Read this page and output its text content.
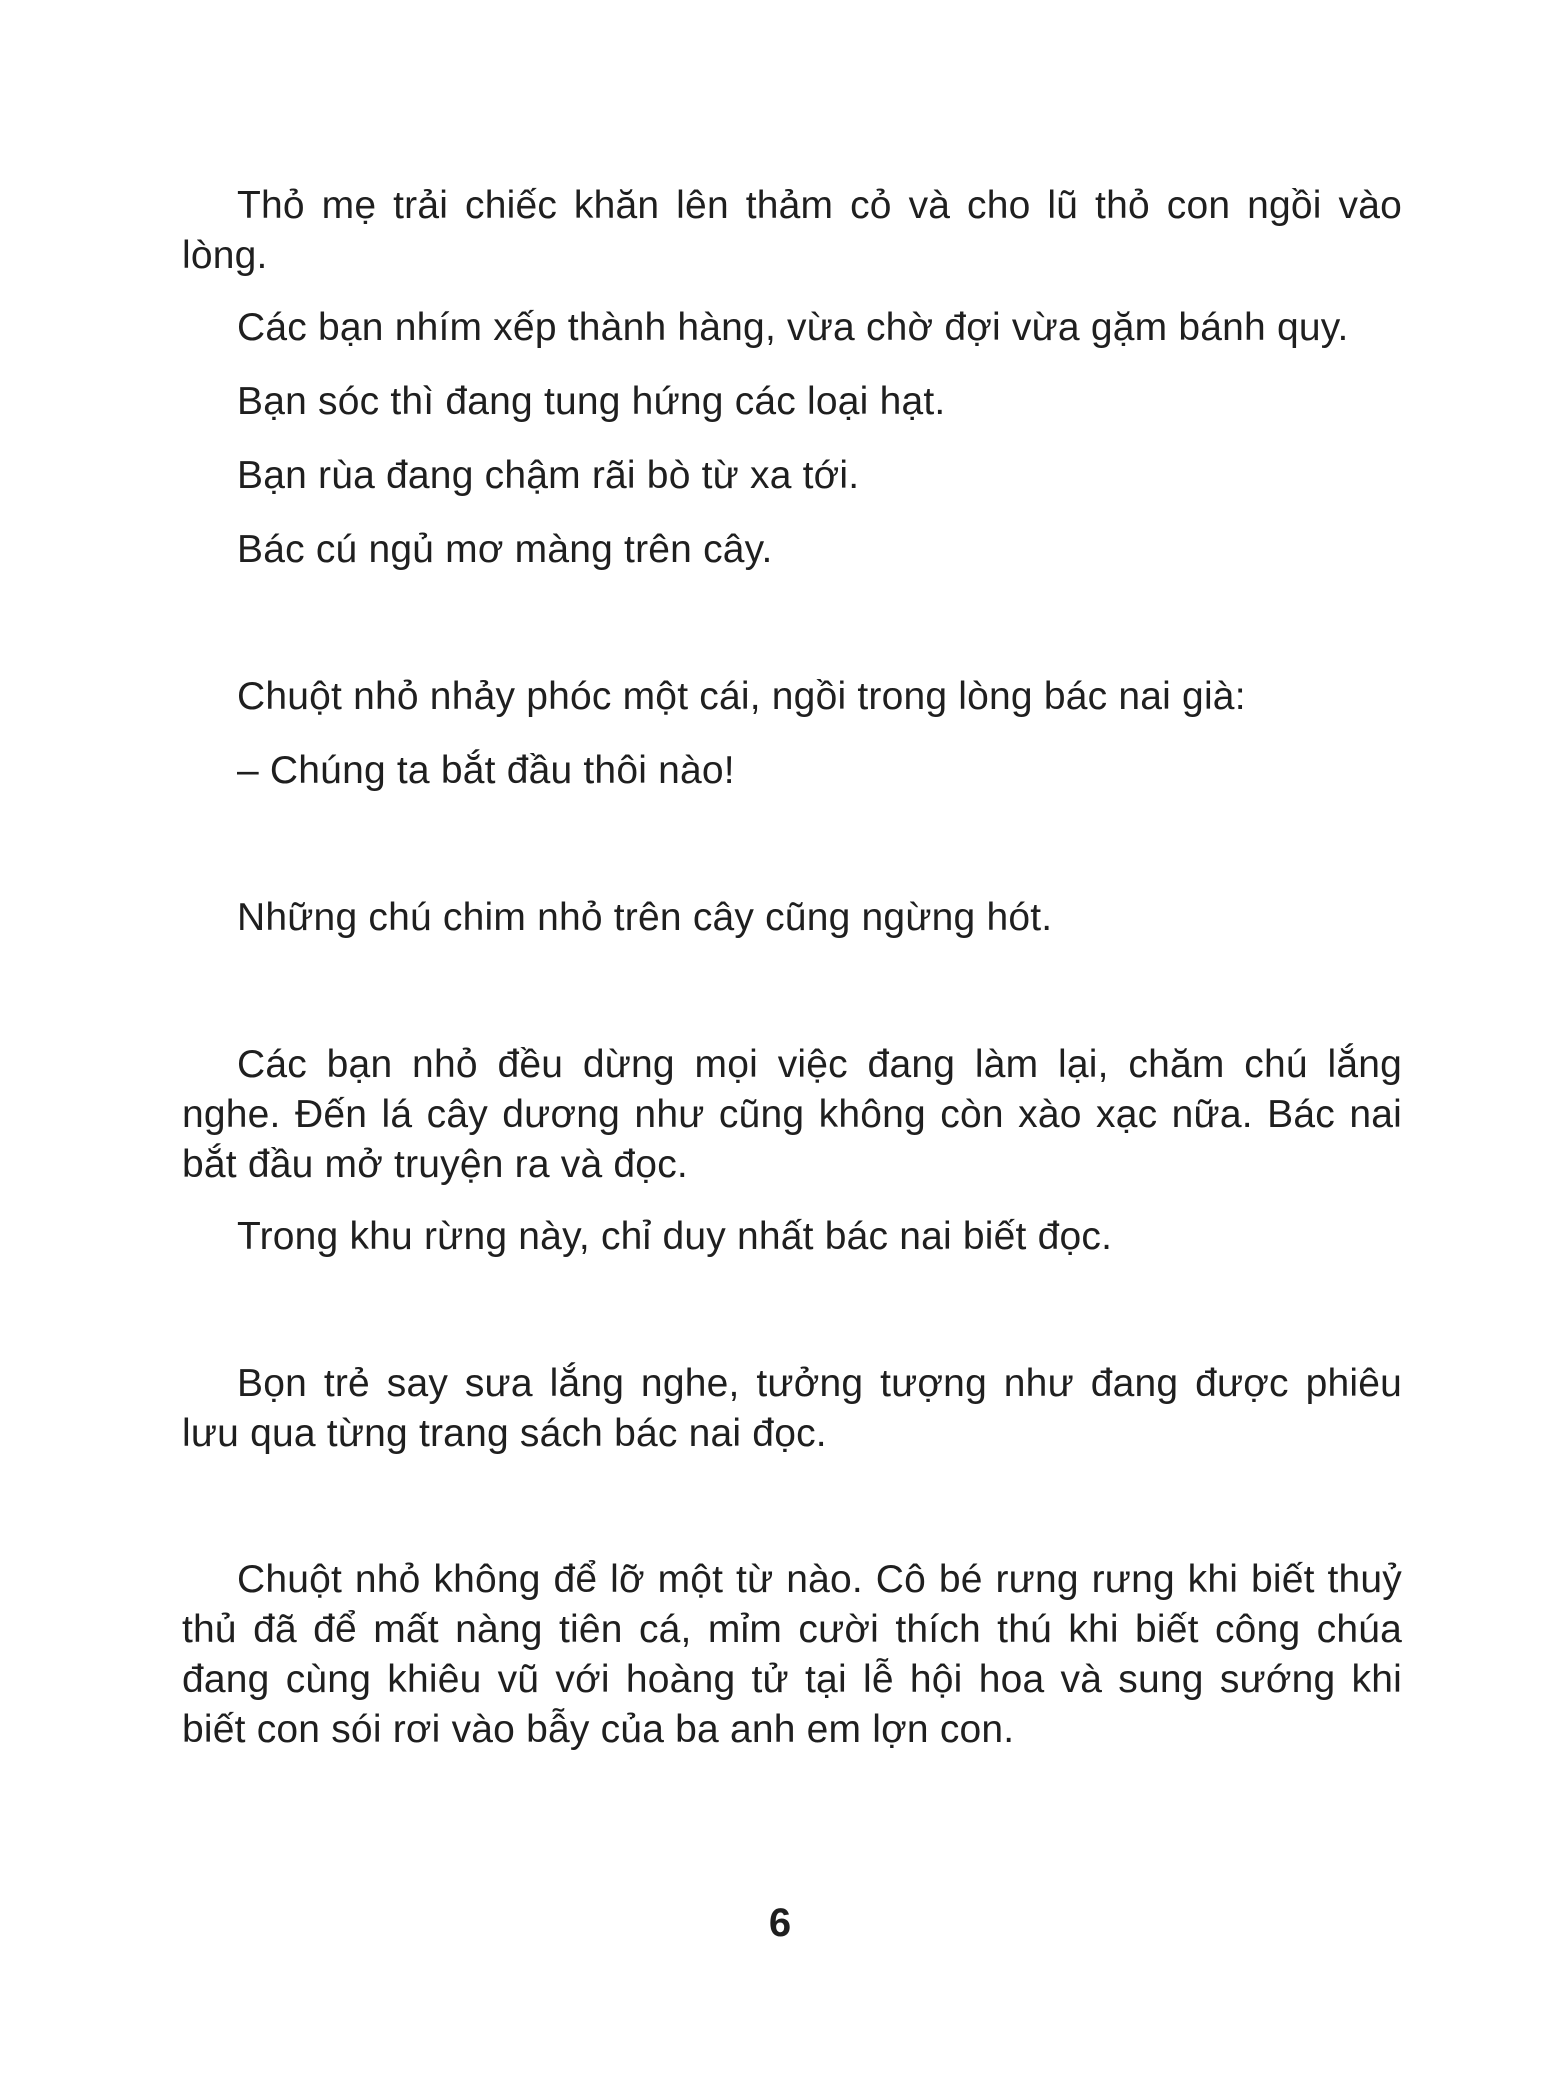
Thỏ mẹ trải chiếc khăn lên thảm cỏ và cho lũ thỏ con ngồi vào lòng.

Các bạn nhím xếp thành hàng, vừa chờ đợi vừa gặm bánh quy.

Bạn sóc thì đang tung hứng các loại hạt.

Bạn rùa đang chậm rãi bò từ xa tới.

Bác cú ngủ mơ màng trên cây.

Chuột nhỏ nhảy phóc một cái, ngồi trong lòng bác nai già:

– Chúng ta bắt đầu thôi nào!

Những chú chim nhỏ trên cây cũng ngừng hót.

Các bạn nhỏ đều dừng mọi việc đang làm lại, chăm chú lắng nghe. Đến lá cây dương như cũng không còn xào xạc nữa. Bác nai bắt đầu mở truyện ra và đọc.

Trong khu rừng này, chỉ duy nhất bác nai biết đọc.

Bọn trẻ say sưa lắng nghe, tưởng tượng như đang được phiêu lưu qua từng trang sách bác nai đọc.

Chuột nhỏ không để lỡ một từ nào. Cô bé rưng rưng khi biết thuỷ thủ đã để mất nàng tiên cá, mỉm cười thích thú khi biết công chúa đang cùng khiêu vũ với hoàng tử tại lễ hội hoa và sung sướng khi biết con sói rơi vào bẫy của ba anh em lợn con.

6
